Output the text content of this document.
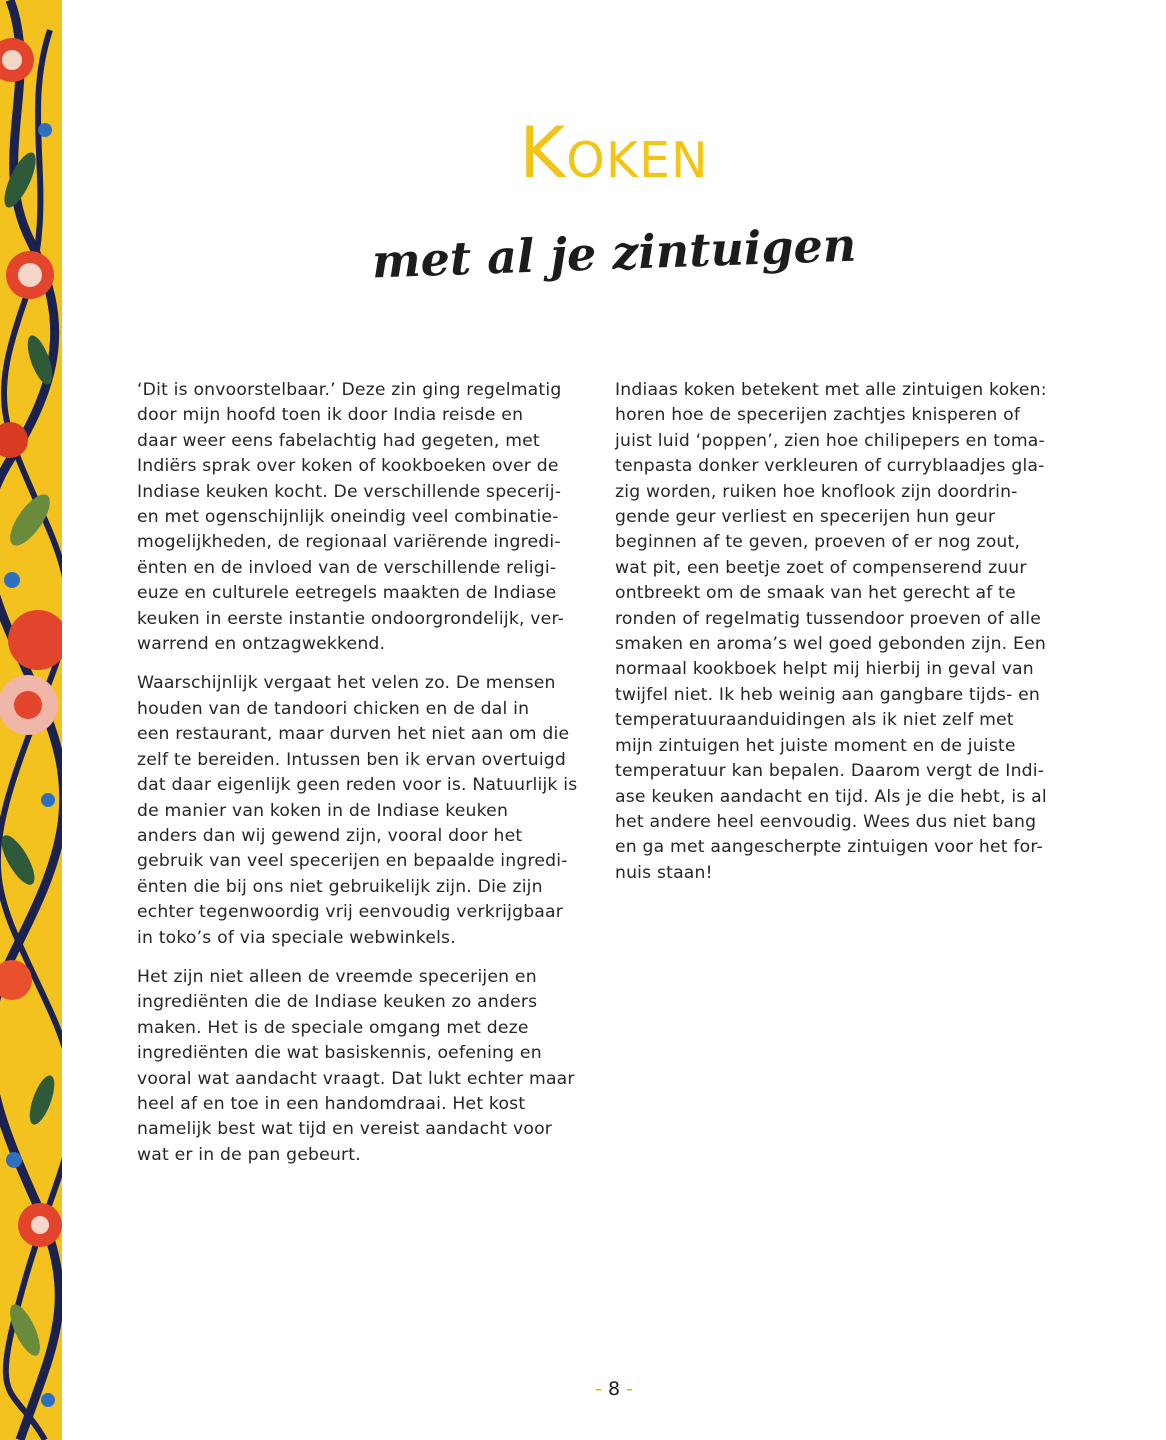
Koken
met al je zintuigen

‘Dit is onvoorstelbaar.’ Deze zin ging regelmatig
door mijn hoofd toen ik door India reisde en
daar weer eens fabelachtig had gegeten, met
Indiërs sprak over koken of kookboeken over de
Indiase keuken kocht. De verschillende specerij-
en met ogenschijnlijk oneindig veel combinatie-
mogelijkheden, de regionaal variërende ingredi-
ënten en de invloed van de verschillende religi-
euze en culturele eetregels maakten de Indiase
keuken in eerste instantie ondoorgrondelijk, ver-
warrend en ontzagwekkend.

Waarschijnlijk vergaat het velen zo. De mensen
houden van de tandoori chicken en de dal in
een restaurant, maar durven het niet aan om die
zelf te bereiden. Intussen ben ik ervan overtuigd
dat daar eigenlijk geen reden voor is. Natuurlijk is
de manier van koken in de Indiase keuken
anders dan wij gewend zijn, vooral door het
gebruik van veel specerijen en bepaalde ingredi-
ënten die bij ons niet gebruikelijk zijn. Die zijn
echter tegenwoordig vrij eenvoudig verkrijgbaar
in toko’s of via speciale webwinkels.

Het zijn niet alleen de vreemde specerijen en
ingrediënten die de Indiase keuken zo anders
maken. Het is de speciale omgang met deze
ingrediënten die wat basiskennis, oefening en
vooral wat aandacht vraagt. Dat lukt echter maar
heel af en toe in een handomdraai. Het kost
namelijk best wat tijd en vereist aandacht voor
wat er in de pan gebeurt.

Indiaas koken betekent met alle zintuigen koken:
horen hoe de specerijen zachtjes knisperen of
juist luid ‘poppen’, zien hoe chilipepers en toma-
tenpasta donker verkleuren of curryblaadjes gla-
zig worden, ruiken hoe knoflook zijn doordrin-
gende geur verliest en specerijen hun geur
beginnen af te geven, proeven of er nog zout,
wat pit, een beetje zoet of compenserend zuur
ontbreekt om de smaak van het gerecht af te
ronden of regelmatig tussendoor proeven of alle
smaken en aroma’s wel goed gebonden zijn. Een
normaal kookboek helpt mij hierbij in geval van
twijfel niet. Ik heb weinig aan gangbare tijds- en
temperatuuraanduidingen als ik niet zelf met
mijn zintuigen het juiste moment en de juiste
temperatuur kan bepalen. Daarom vergt de Indi-
ase keuken aandacht en tijd. Als je die hebt, is al
het andere heel eenvoudig. Wees dus niet bang
en ga met aangescherpte zintuigen voor het for-
nuis staan!

- 8 -
